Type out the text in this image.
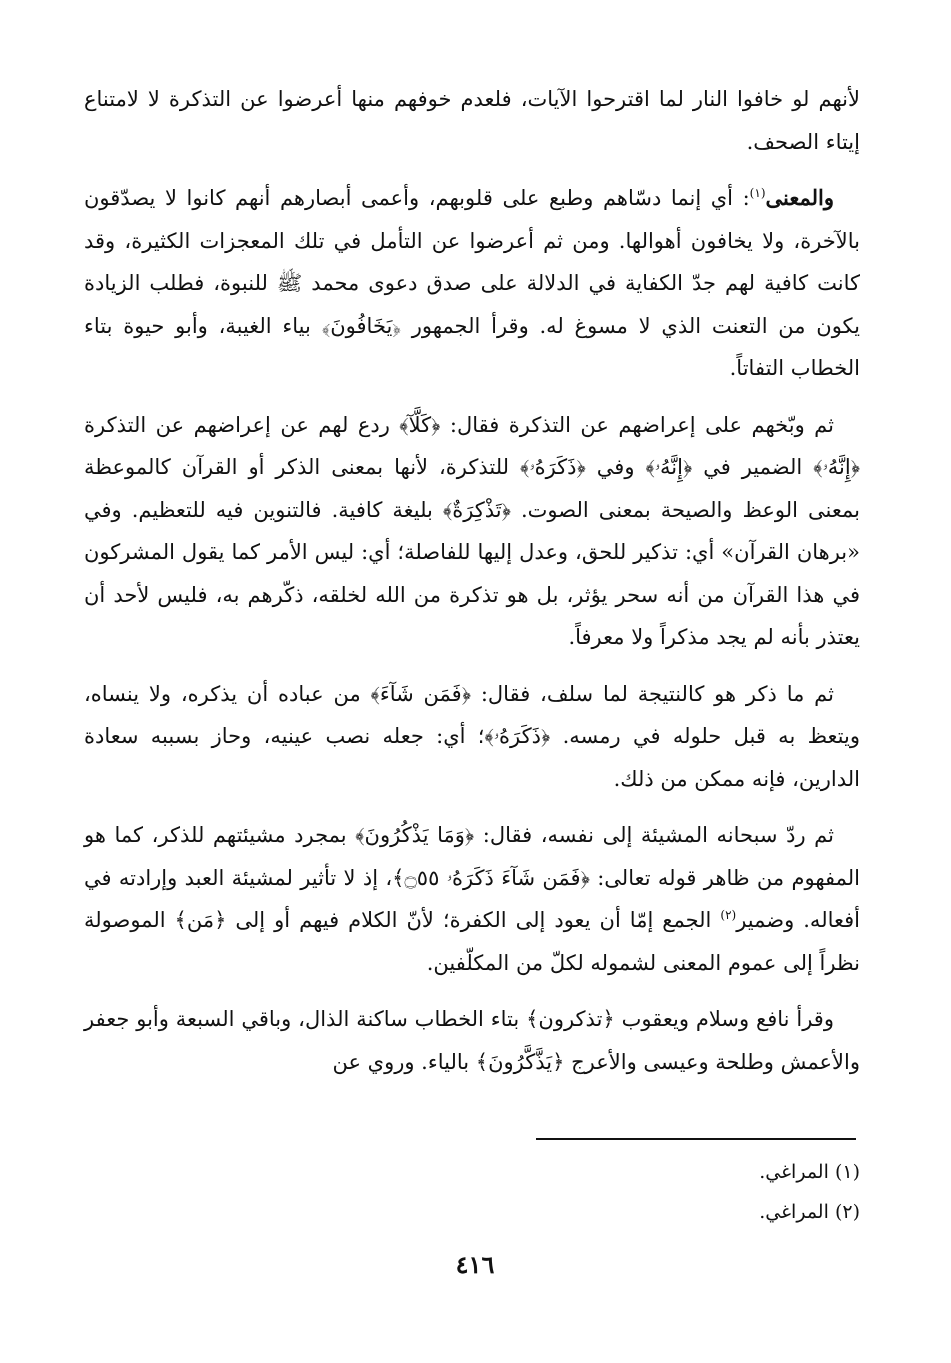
لأنهم لو خافوا النار لما اقترحوا الآيات، فلعدم خوفهم منها أعرضوا عن التذكرة لا لامتناع إيتاء الصحف.

والمعنى$^{(١)}$: أي إنما دسّاهم وطبع على قلوبهم، وأعمى أبصارهم أنهم كانوا لا يصدّقون بالآخرة، ولا يخافون أهوالها. ومن ثم أعرضوا عن التأمل في تلك المعجزات الكثيرة، وقد كانت كافية لهم جدّ الكفاية في الدلالة على صدق دعوى محمد ﷺ للنبوة، فطلب الزيادة يكون من التعنت الذي لا مسوغ له. وقرأ الجمهور ﴿يَخَافُونَ﴾ بياء الغيبة، وأبو حيوة بتاء الخطاب التفاتاً.

ثم وبّخهم على إعراضهم عن التذكرة فقال: ﴿كَلَّآ﴾ ردع لهم عن إعراضهم عن التذكرة ﴿إِنَّهُۥ﴾ الضمير في ﴿إِنَّهُۥ﴾ وفي ﴿ذَكَرَهُۥ﴾ للتذكرة، لأنها بمعنى الذكر أو القرآن كالموعظة بمعنى الوعظ والصيحة بمعنى الصوت. ﴿تَذْكِرَةٌ﴾ بليغة كافية. فالتنوين فيه للتعظيم. وفي «برهان القرآن» أي: تذكير للحق، وعدل إليها للفاصلة؛ أي: ليس الأمر كما يقول المشركون في هذا القرآن من أنه سحر يؤثر، بل هو تذكرة من الله لخلقه، ذكّرهم به، فليس لأحد أن يعتذر بأنه لم يجد مذكراً ولا معرفاً.

ثم ما ذكر هو كالنتيجة لما سلف، فقال: ﴿فَمَن شَآءَ﴾ من عباده أن يذكره، ولا ينساه، ويتعظ به قبل حلوله في رمسه. ﴿ذَكَرَهُۥ﴾؛ أي: جعله نصب عينيه، وحاز بسببه سعادة الدارين، فإنه ممكن من ذلك.

ثم ردّ سبحانه المشيئة إلى نفسه، فقال: ﴿وَمَا يَذْكُرُونَ﴾ بمجرد مشيئتهم للذكر، كما هو المفهوم من ظاهر قوله تعالى: ﴿فَمَن شَآءَ ذَكَرَهُۥ ۝٥٥﴾، إذ لا تأثير لمشيئة العبد وإرادته في أفعاله. وضمير$^{(٢)}$ الجمع إمّا أن يعود إلى الكفرة؛ لأنّ الكلام فيهم أو إلى ﴿مَن﴾ الموصولة نظراً إلى عموم المعنى لشموله لكلّ من المكلّفين.

وقرأ نافع وسلام ويعقوب ﴿تذكرون﴾ بتاء الخطاب ساكنة الذال، وباقي السبعة وأبو جعفر والأعمش وطلحة وعيسى والأعرج ﴿يَذَّكَّرُونَ﴾ بالياء. وروي عن

(١) المراغي.

(٢) المراغي.

٤١٦
